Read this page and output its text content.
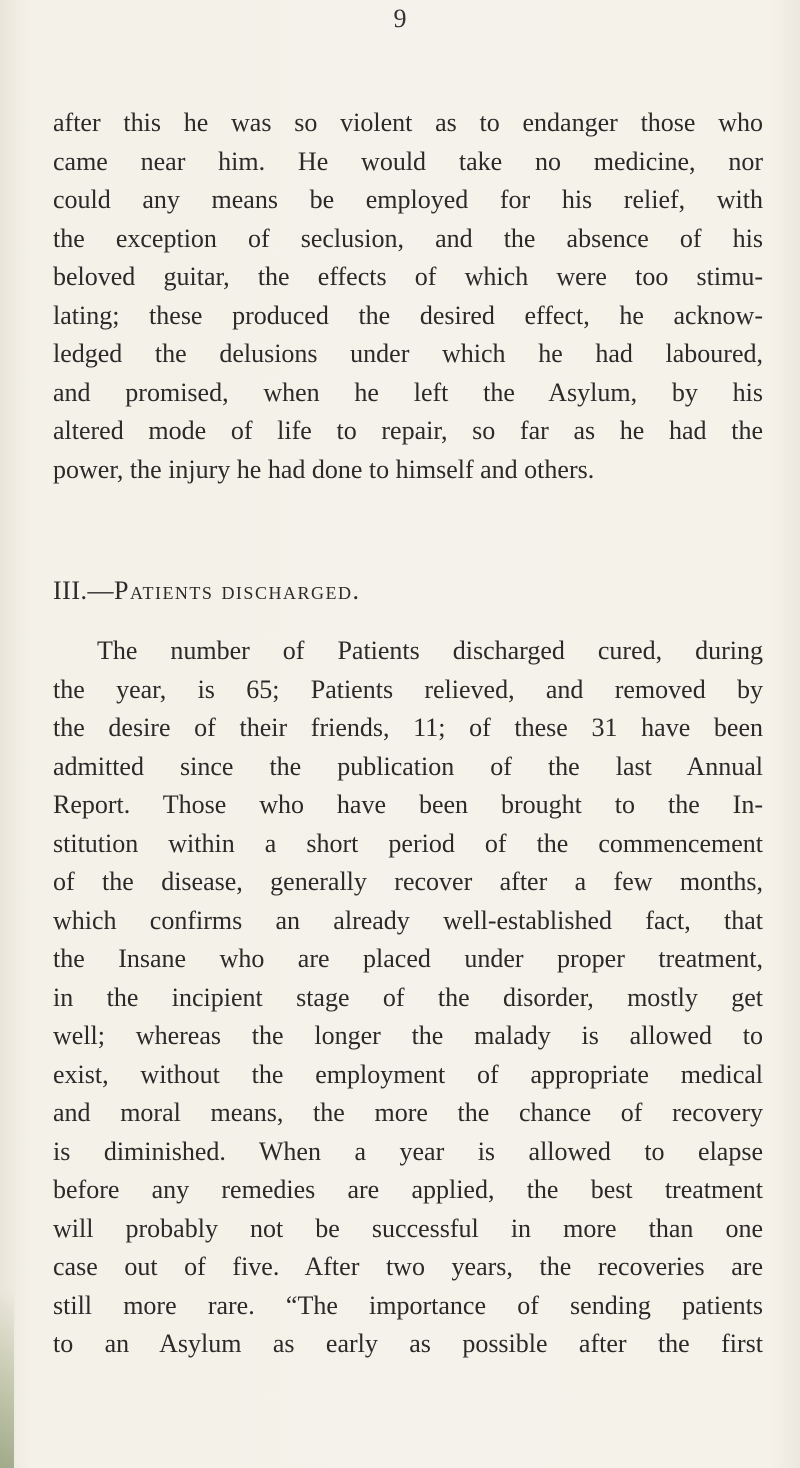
9
after this he was so violent as to endanger those who
came near him. He would take no medicine, nor
could any means be employed for his relief, with
the exception of seclusion, and the absence of his
beloved guitar, the effects of which were too stimu-
lating; these produced the desired effect, he acknow-
ledged the delusions under which he had laboured,
and promised, when he left the Asylum, by his
altered mode of life to repair, so far as he had the
power, the injury he had done to himself and others.
III.—Patients discharged.
The number of Patients discharged cured, during
the year, is 65; Patients relieved, and removed by
the desire of their friends, 11; of these 31 have been
admitted since the publication of the last Annual
Report. Those who have been brought to the In-
stitution within a short period of the commencement
of the disease, generally recover after a few months,
which confirms an already well-established fact, that
the Insane who are placed under proper treatment,
in the incipient stage of the disorder, mostly get
well; whereas the longer the malady is allowed to
exist, without the employment of appropriate medical
and moral means, the more the chance of recovery
is diminished. When a year is allowed to elapse
before any remedies are applied, the best treatment
will probably not be successful in more than one
case out of five. After two years, the recoveries are
still more rare. “The importance of sending patients
to an Asylum as early as possible after the first
